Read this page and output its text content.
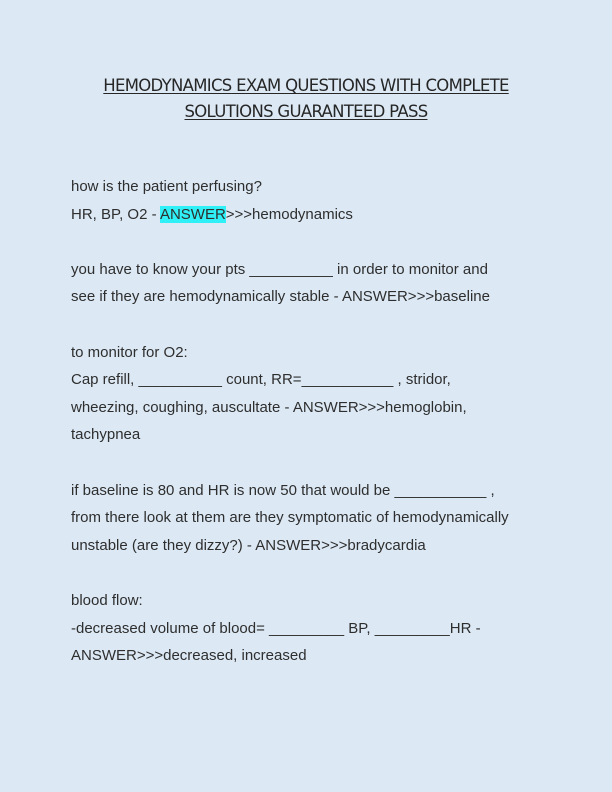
HEMODYNAMICS EXAM QUESTIONS WITH COMPLETE
SOLUTIONS GUARANTEED PASS
how is the patient perfusing?
HR, BP, O2 - ANSWER>>>hemodynamics
you have to know your pts __________ in order to monitor and
see if they are hemodynamically stable - ANSWER>>>baseline
to monitor for O2:
Cap refill, __________ count, RR=___________ , stridor,
wheezing, coughing, auscultate - ANSWER>>>hemoglobin,
tachypnea
if baseline is 80 and HR is now 50 that would be ___________ ,
from there look at them are they symptomatic of hemodynamically
unstable (are they dizzy?) - ANSWER>>>bradycardia
blood flow:
-decreased volume of blood= _________ BP, _________HR -
ANSWER>>>decreased, increased
